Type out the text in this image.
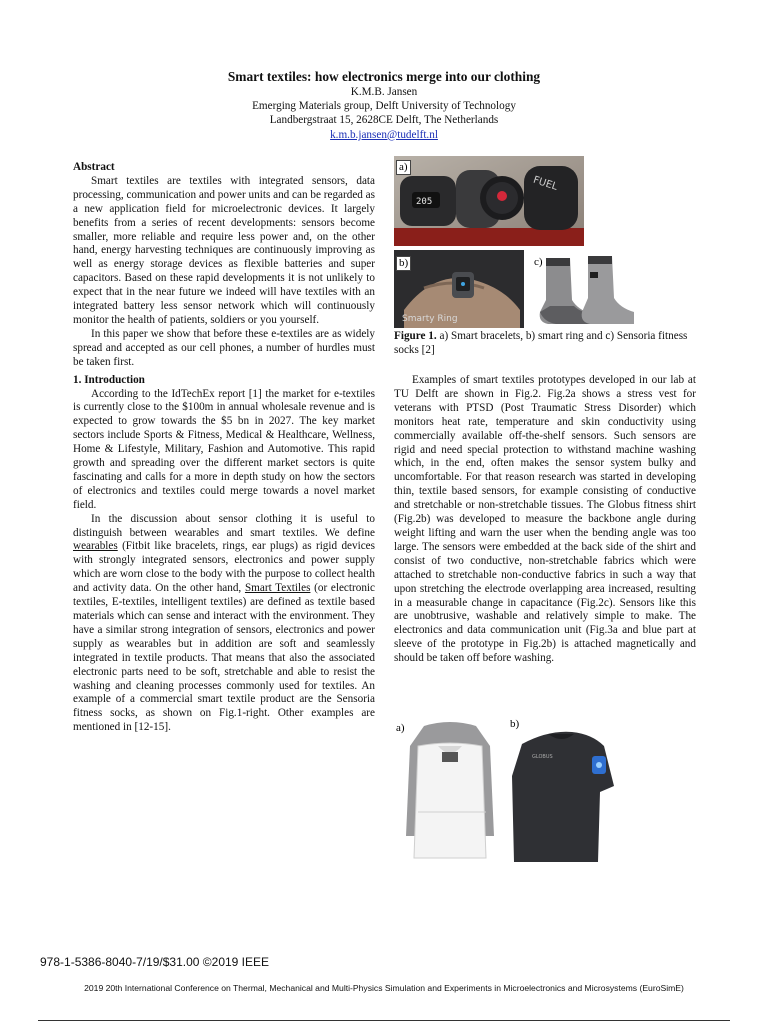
Smart textiles: how electronics merge into our clothing
K.M.B. Jansen
Emerging Materials group, Delft University of Technology
Landbergstraat 15, 2628CE Delft, The Netherlands
k.m.b.jansen@tudelft.nl
Abstract

Smart textiles are textiles with integrated sensors, data processing, communication and power units and can be regarded as a new application field for microelectronic devices. It largely benefits from a series of recent developments: sensors become smaller, more reliable and require less power and, on the other hand, energy harvesting techniques are continuously improving as well as energy storage devices as flexible batteries and super capacitors. Based on these rapid developments it is not unlikely to expect that in the near future we indeed will have textiles with an integrated battery less sensor network which will continuously monitor the health of patients, soldiers or you yourself.

In this paper we show that before these e-textiles are as widely spread and accepted as our cell phones, a number of hurdles must be taken first.

1. Introduction

According to the IdTechEx report [1] the market for e-textiles is currently close to the $100m in annual wholesale revenue and is expected to grow towards the $5 bn in 2027. The key market sectors include Sports & Fitness, Medical & Healthcare, Wellness, Home & Lifestyle, Military, Fashion and Automotive. This rapid growth and spreading over the different market sectors is quite fascinating and calls for a more in depth study on how the sectors of electronics and textiles could merge towards a novel market field.

In the discussion about sensor clothing it is useful to distinguish between wearables and smart textiles. We define wearables (Fitbit like bracelets, rings, ear plugs) as rigid devices with strongly integrated sensors, electronics and power supply which are worn close to the body with the purpose to collect health and activity data. On the other hand, Smart Textiles (or electronic textiles, E-textiles, intelligent textiles) are defined as textile based materials which can sense and interact with the environment. They have a similar strong integration of sensors, electronics and power supply as wearables but in addition are soft and seamlessly integrated in textile products. That means that also the associated electronic parts need to be soft, stretchable and able to resist the washing and cleaning processes commonly used for textiles. An example of a commercial smart textile product are the Sensoria fitness socks, as shown on Fig.1-right. Other examples are mentioned in [12-15].

205
FUEL
a)
Smarty Ring
b)	c)
Figure 1. a) Smart bracelets, b) smart ring and c) Sensoria fitness socks [2]

Examples of smart textiles prototypes developed in our lab at TU Delft are shown in Fig.2. Fig.2a shows a stress vest for veterans with PTSD (Post Traumatic Stress Disorder) which monitors heat rate, temperature and skin conductivity using commercially available off-the-shelf sensors. Such sensors are rigid and need special protection to withstand machine washing which, in the end, often makes the sensor system bulky and uncomfortable. For that reason research was started in developing thin, textile based sensors, for example consisting of conductive and stretchable or non-stretchable tissues. The Globus fitness shirt (Fig.2b) was developed to measure the backbone angle during weight lifting and warn the user when the bending angle was too large. The sensors were embedded at the back side of the shirt and consist of two conductive, non-stretchable fabrics which were attached to stretchable non-conductive fabrics in such a way that upon stretching the electrode overlapping area increased, resulting in a measurable change in capacitance (Fig.2c). Sensors like this are unobtrusive, washable and relatively simple to make. The electronics and data communication unit (Fig.3a and blue part at sleeve of the prototype in Fig.2b) is attached magnetically and should be taken off before washing.

a)
GLOBUS
b)
978-1-5386-8040-7/19/$31.00 ©2019 IEEE
2019 20th International Conference on Thermal, Mechanical and Multi-Physics Simulation and Experiments in Microelectronics and Microsystems (EuroSimE)
